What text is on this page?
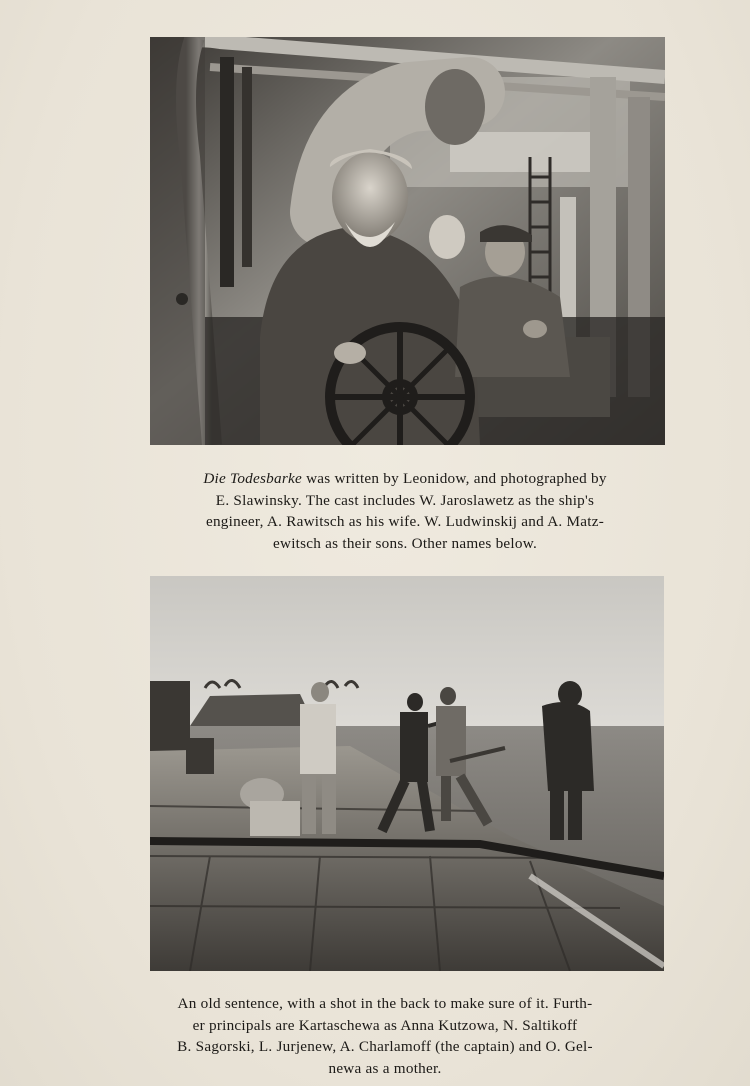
Die Todesbarke was written by Leonidow, and photographed by
E. Slawinsky. The cast includes W. Jaroslawetz as the ship's
engineer, A. Rawitsch as his wife. W. Ludwinskij and A. Matz-
ewitsch as their sons. Other names below.

An old sentence, with a shot in the back to make sure of it. Furth-
er principals are Kartaschewa as Anna Kutzowa, N. Saltikoff
B. Sagorski, L. Jurjenew, A. Charlamoff (the captain) and O. Gel-
newa as a mother.
